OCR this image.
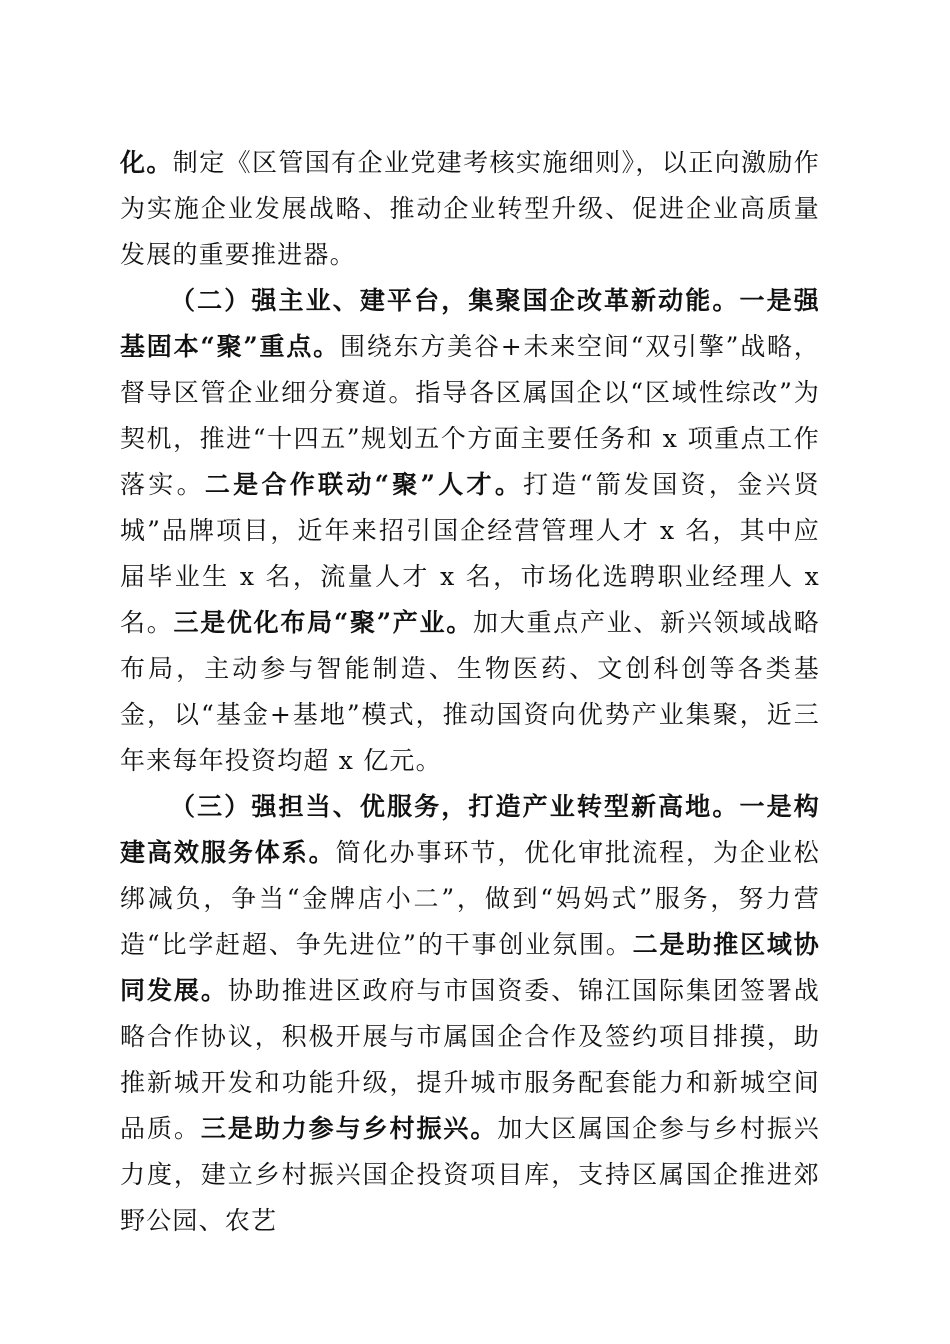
化。制定《区管国有企业党建考核实施细则》，以正向激励作为实施企业发展战略、推动企业转型升级、促进企业高质量发展的重要推进器。

（二）强主业、建平台，集聚国企改革新动能。一是强基固本“聚”重点。围绕东方美谷+未来空间“双引擎”战略，督导区管企业细分赛道。指导各区属国企以“区域性综改”为契机，推进“十四五”规划五个方面主要任务和 x 项重点工作落实。二是合作联动“聚”人才。打造“箭发国资，金兴贤城”品牌项目，近年来招引国企经营管理人才 x 名，其中应届毕业生 x 名，流量人才 x 名，市场化选聘职业经理人 x 名。三是优化布局“聚”产业。加大重点产业、新兴领域战略布局，主动参与智能制造、生物医药、文创科创等各类基金，以“基金+基地”模式，推动国资向优势产业集聚，近三年来每年投资均超 x 亿元。

（三）强担当、优服务，打造产业转型新高地。一是构建高效服务体系。简化办事环节，优化审批流程，为企业松绑减负，争当“金牌店小二”，做到“妈妈式”服务，努力营造“比学赶超、争先进位”的干事创业氛围。二是助推区域协同发展。协助推进区政府与市国资委、锦江国际集团签署战略合作协议，积极开展与市属国企合作及签约项目排摸，助推新城开发和功能升级，提升城市服务配套能力和新城空间品质。三是助力参与乡村振兴。加大区属国企参与乡村振兴力度，建立乡村振兴国企投资项目库，支持区属国企推进郊野公园、农艺
